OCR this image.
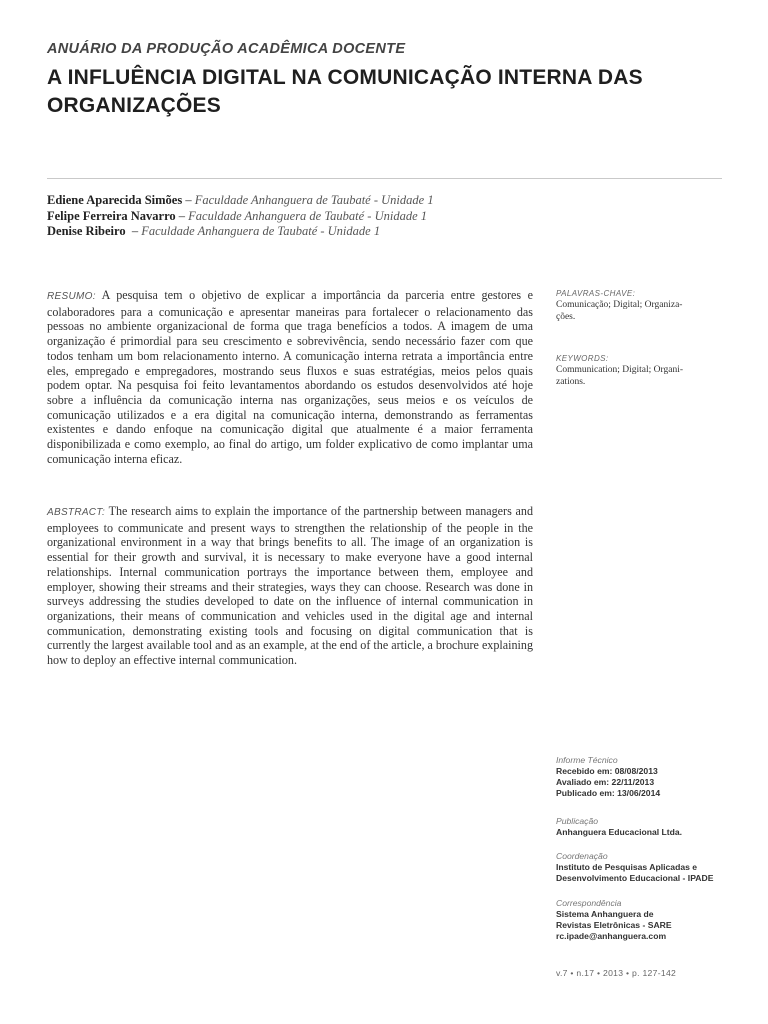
ANUÁRIO DA PRODUÇÃO ACADÊMICA DOCENTE
A INFLUÊNCIA DIGITAL NA COMUNICAÇÃO INTERNA DAS ORGANIZAÇÕES
Ediene Aparecida Simões – Faculdade Anhanguera de Taubaté - Unidade 1
Felipe Ferreira Navarro – Faculdade Anhanguera de Taubaté - Unidade 1
Denise Ribeiro  – Faculdade Anhanguera de Taubaté - Unidade 1

RESUMO: A pesquisa tem o objetivo de explicar a importância da parceria entre gestores e colaboradores para a comunicação e apresentar maneiras para fortalecer o relacionamento das pessoas no ambiente organizacional de forma que traga benefícios a todos. A imagem de uma organização é primordial para seu crescimento e sobrevivência, sendo necessário fazer com que todos tenham um bom relacionamento interno. A comunicação interna retrata a importância entre eles, empregado e empregadores, mostrando seus fluxos e suas estratégias, meios pelos quais podem optar. Na pesquisa foi feito levantamentos abordando os estudos desenvolvidos até hoje sobre a influência da comunicação interna nas organizações, seus meios e os veículos de comunicação utilizados e a era digital na comunicação interna, demonstrando as ferramentas existentes e dando enfoque na comunicação digital que atualmente é a maior ferramenta disponibilizada e como exemplo, ao final do artigo, um folder explicativo de como implantar uma comunicação interna eficaz.

ABSTRACT: The research aims to explain the importance of the partnership between managers and employees to communicate and present ways to strengthen the relationship of the people in the organizational environment in a way that brings benefits to all. The image of an organization is essential for their growth and survival, it is necessary to make everyone have a good internal relationships. Internal communication portrays the importance between them, employee and employer, showing their streams and their strategies, ways they can choose. Research was done in surveys addressing the studies developed to date on the influence of internal communication in organizations, their means of communication and vehicles used in the digital age and internal communication, demonstrating existing tools and focusing on digital communication that is currently the largest available tool and as an example, at the end of the article, a brochure explaining how to deploy an effective internal communication.

PALAVRAS-CHAVE:
Comunicação; Digital; Organiza-
ções.
KEYWORDS:
Communication; Digital; Organi-
zations.
Informe Técnico
Recebido em: 08/08/2013
Avaliado em: 22/11/2013
Publicado em: 13/06/2014
Publicação
Anhanguera Educacional Ltda.
Coordenação
Instituto de Pesquisas Aplicadas e
Desenvolvimento Educacional - IPADE
Correspondência
Sistema Anhanguera de
Revistas Eletrônicas - SARE
rc.ipade@anhanguera.com
v.7 • n.17 • 2013 • p. 127-142
